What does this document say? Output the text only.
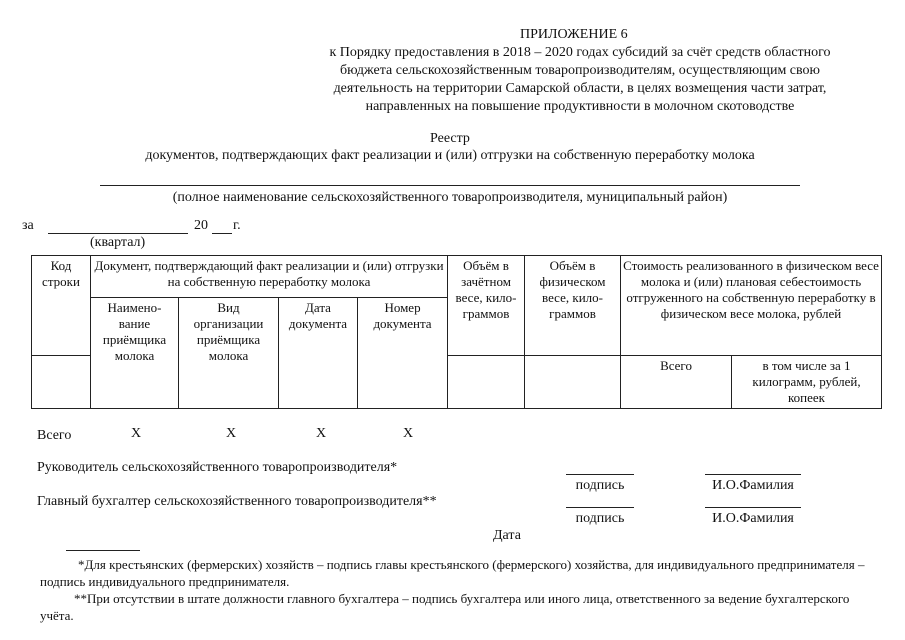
ПРИЛОЖЕНИЕ 6
к Порядку предоставления в 2018 – 2020 годах субсидий за счёт средств областного
бюджета сельскохозяйственным товаропроизводителям, осуществляющим свою
деятельность на территории Самарской области, в целях возмещения части затрат,
направленных на повышение продуктивности в молочном скотоводстве
Реестр
документов, подтверждающих факт реализации и (или) отгрузки на собственную переработку молока
(полное наименование сельскохозяйственного товаропроизводителя, муниципальный район)
за	20 г.
(квартал)
Код строки	Документ, подтверждающий факт реализации и (или) отгрузки на собственную переработку молока				Объём в зачётном весе, кило- граммов	Объём в физическом весе, кило- граммов	Стоимость реализованного в физическом весе молока и (или) плановая себестоимость отгруженного на собственную переработку в физическом весе молока, рублей	
	Наимено- вание приёмщика молока	Вид организации приёмщика молока	Дата документа	Номер документа				
							Всего	в том числе за 1 килограмм, рублей, копеек
Всего	Х	Х	Х	Х
Руководитель сельскохозяйственного товаропроизводителя*
подпись	И.О.Фамилия
Главный бухгалтер сельскохозяйственного товаропроизводителя**
подпись	И.О.Фамилия
Дата
*Для крестьянских (фермерских) хозяйств – подпись главы крестьянского (фермерского) хозяйства, для индивидуального предпринимателя – подпись индивидуального предпринимателя.
**При отсутствии в штате должности главного бухгалтера – подпись бухгалтера или иного лица, ответственного за ведение бухгалтерского учёта.
